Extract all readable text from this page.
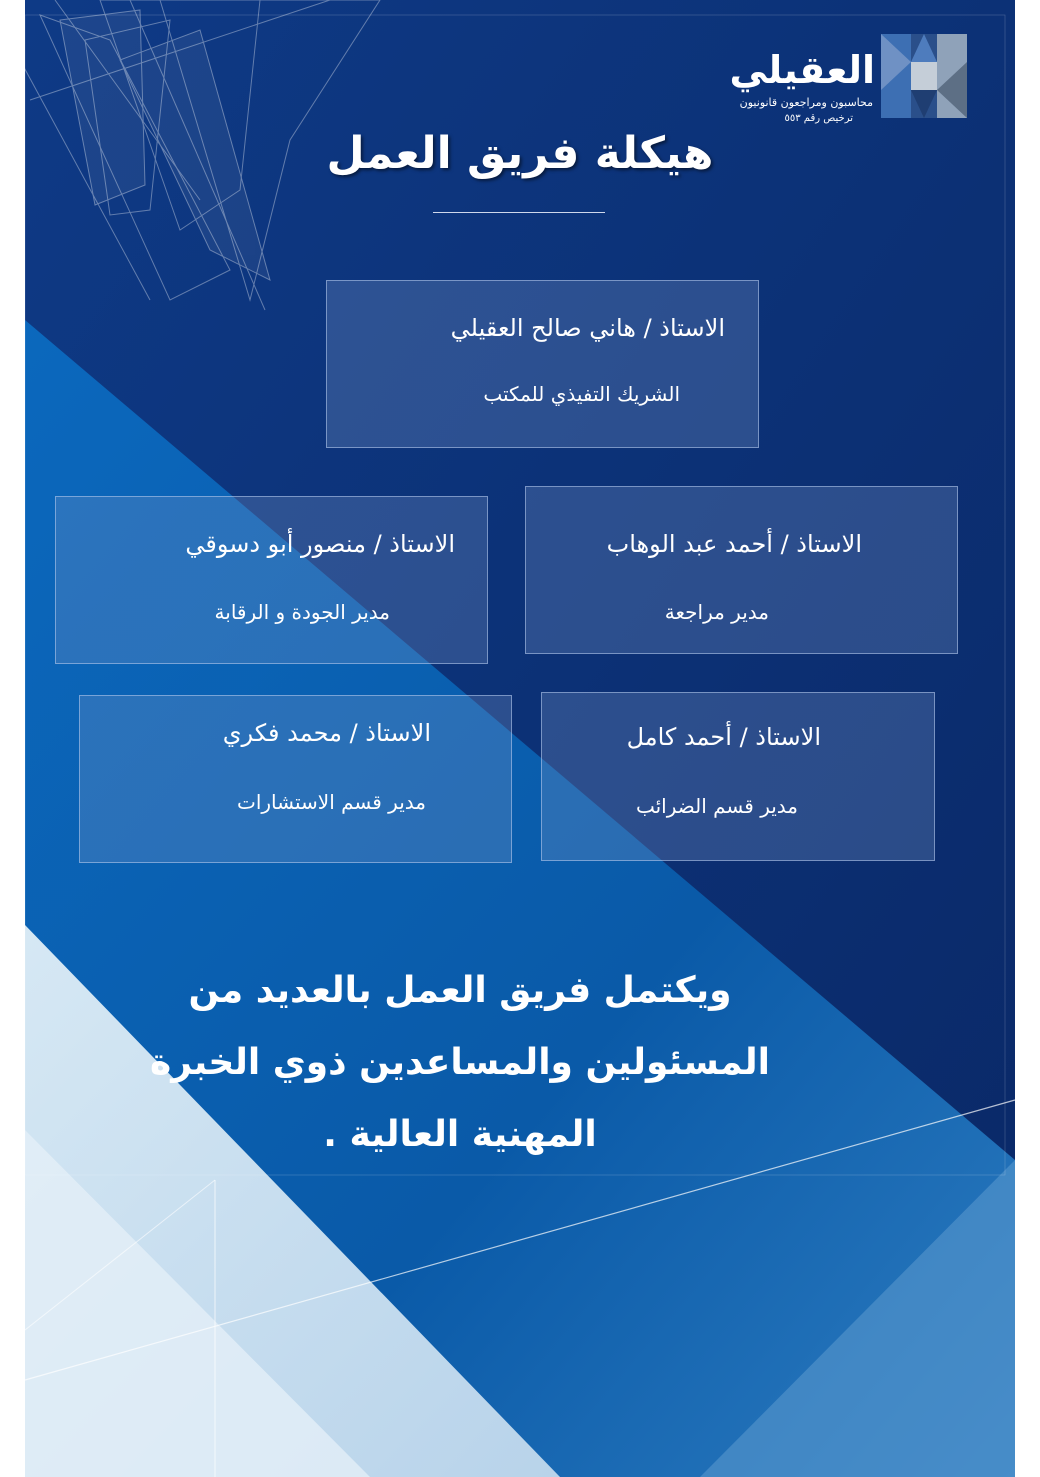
العقيلي
محاسبون ومراجعون قانونيون
ترخيص رقم ٥٥٣
هيكلة فريق العمل
الاستاذ / هاني صالح العقيلي
الشريك التفيذي للمكتب
الاستاذ / أحمد عبد الوهاب
مدير مراجعة
الاستاذ / منصور أبو دسوقي
مدير الجودة و الرقابة
الاستاذ / أحمد كامل
مدير قسم الضرائب
الاستاذ / محمد فكري
مدير قسم الاستشارات
ويكتمل فريق العمل بالعديد من
المسئولين والمساعدين ذوي الخبرة
المهنية العالية .
